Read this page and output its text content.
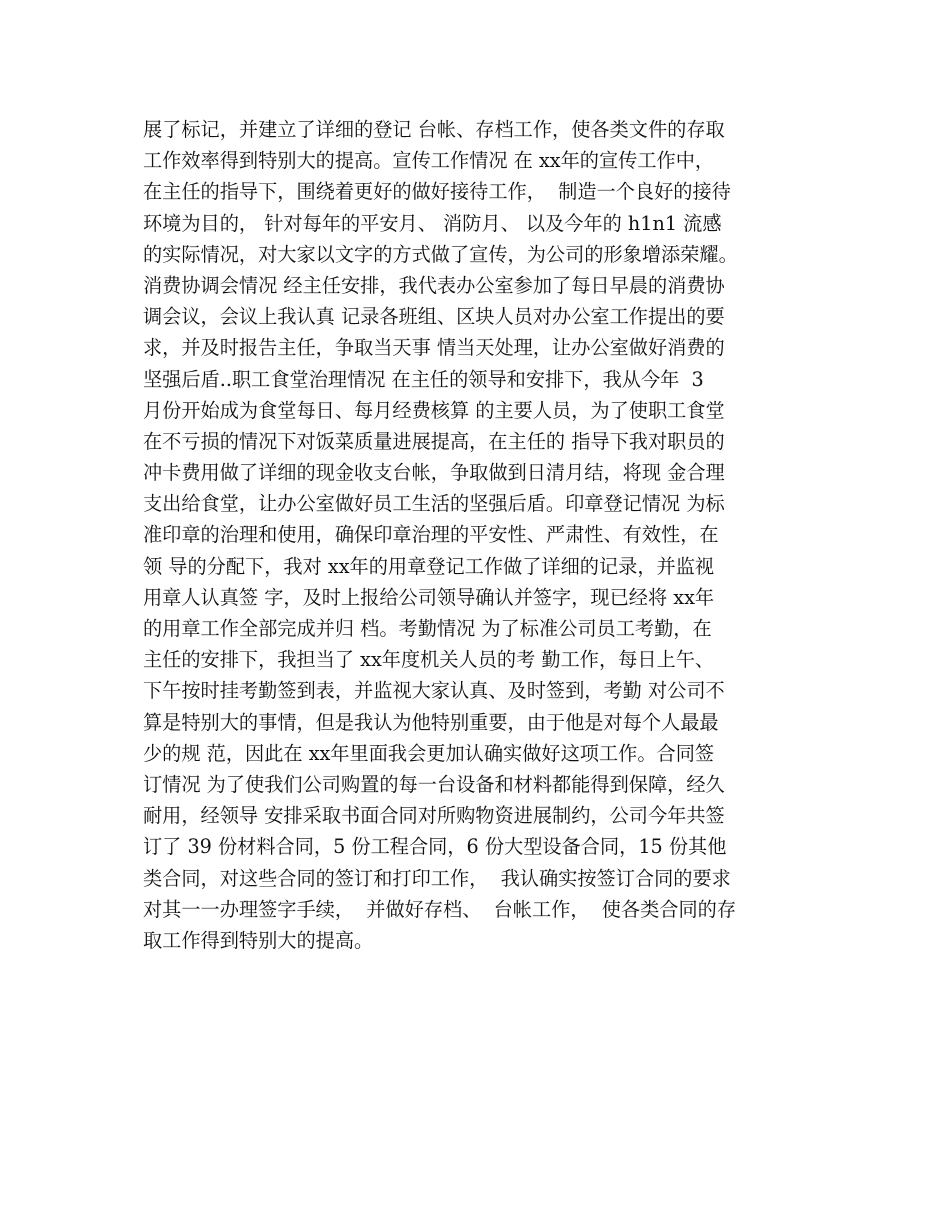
展了标记，并建立了详细的登记 台帐、存档工作，使各类文件的存取
工作效率得到特别大的提高。宣传工作情况 在 xx年的宣传工作中，
在主任的指导下，围绕着更好的做好接待工作，  制造一个良好的接待
环境为目的， 针对每年的平安月、 消防月、 以及今年的 h1n1 流感
的实际情况，对大家以文字的方式做了宣传，为公司的形象增添荣耀。
消费协调会情况 经主任安排，我代表办公室参加了每日早晨的消费协
调会议，会议上我认真 记录各班组、区块人员对办公室工作提出的要
求，并及时报告主任，争取当天事 情当天处理，让办公室做好消费的
坚强后盾..职工食堂治理情况 在主任的领导和安排下，我从今年  3
月份开始成为食堂每日、每月经费核算 的主要人员，为了使职工食堂
在不亏损的情况下对饭菜质量进展提高，在主任的 指导下我对职员的
冲卡费用做了详细的现金收支台帐，争取做到日清月结，将现 金合理
支出给食堂，让办公室做好员工生活的坚强后盾。印章登记情况 为标
准印章的治理和使用，确保印章治理的平安性、严肃性、有效性，在
领 导的分配下，我对 xx年的用章登记工作做了详细的记录，并监视
用章人认真签 字，及时上报给公司领导确认并签字，现已经将 xx年
的用章工作全部完成并归 档。考勤情况 为了标准公司员工考勤，在
主任的安排下，我担当了 xx年度机关人员的考 勤工作，每日上午、
下午按时挂考勤签到表，并监视大家认真、及时签到，考勤 对公司不
算是特别大的事情，但是我认为他特别重要，由于他是对每个人最最
少的规 范，因此在 xx年里面我会更加认确实做好这项工作。合同签
订情况 为了使我们公司购置的每一台设备和材料都能得到保障，经久
耐用，经领导 安排采取书面合同对所购物资进展制约，公司今年共签
订了 39 份材料合同，5 份工程合同，6 份大型设备合同，15 份其他
类合同，对这些合同的签订和打印工作，  我认确实按签订合同的要求
对其一一办理签字手续，  并做好存档、  台帐工作，  使各类合同的存
取工作得到特别大的提高。
